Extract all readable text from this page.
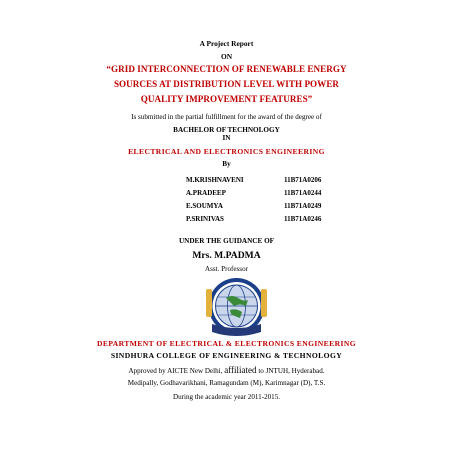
A Project Report
ON
“GRID INTERCONNECTION OF RENEWABLE ENERGY
SOURCES AT DISTRIBUTION LEVEL WITH POWER
QUALITY IMPROVEMENT FEATURES”
Is submitted in the partial fulfillment for the award of the degree of
BACHELOR OF TECHNOLOGY
IN
ELECTRICAL AND ELECTRONICS ENGINEERING
By
M.KRISHNAVENI	11B71A0206
A.PRADEEP	11B71A0244
E.SOUMYA	11B71A0249
P.SRINIVAS	11B71A0246
UNDER THE GUIDANCE OF
Mrs. M.PADMA
Asst. Professor
DEPARTMENT OF ELECTRICAL & ELECTRONICS ENGINEERING
SINDHURA COLLEGE OF ENGINEERING & TECHNOLOGY
Approved by AICTE New Delhi, affiliated to JNTUH, Hyderabad.
Medipally, Godhavarikhani, Ramagundam (M), Karimnagar (D), T.S.
During the academic year 2011-2015.
